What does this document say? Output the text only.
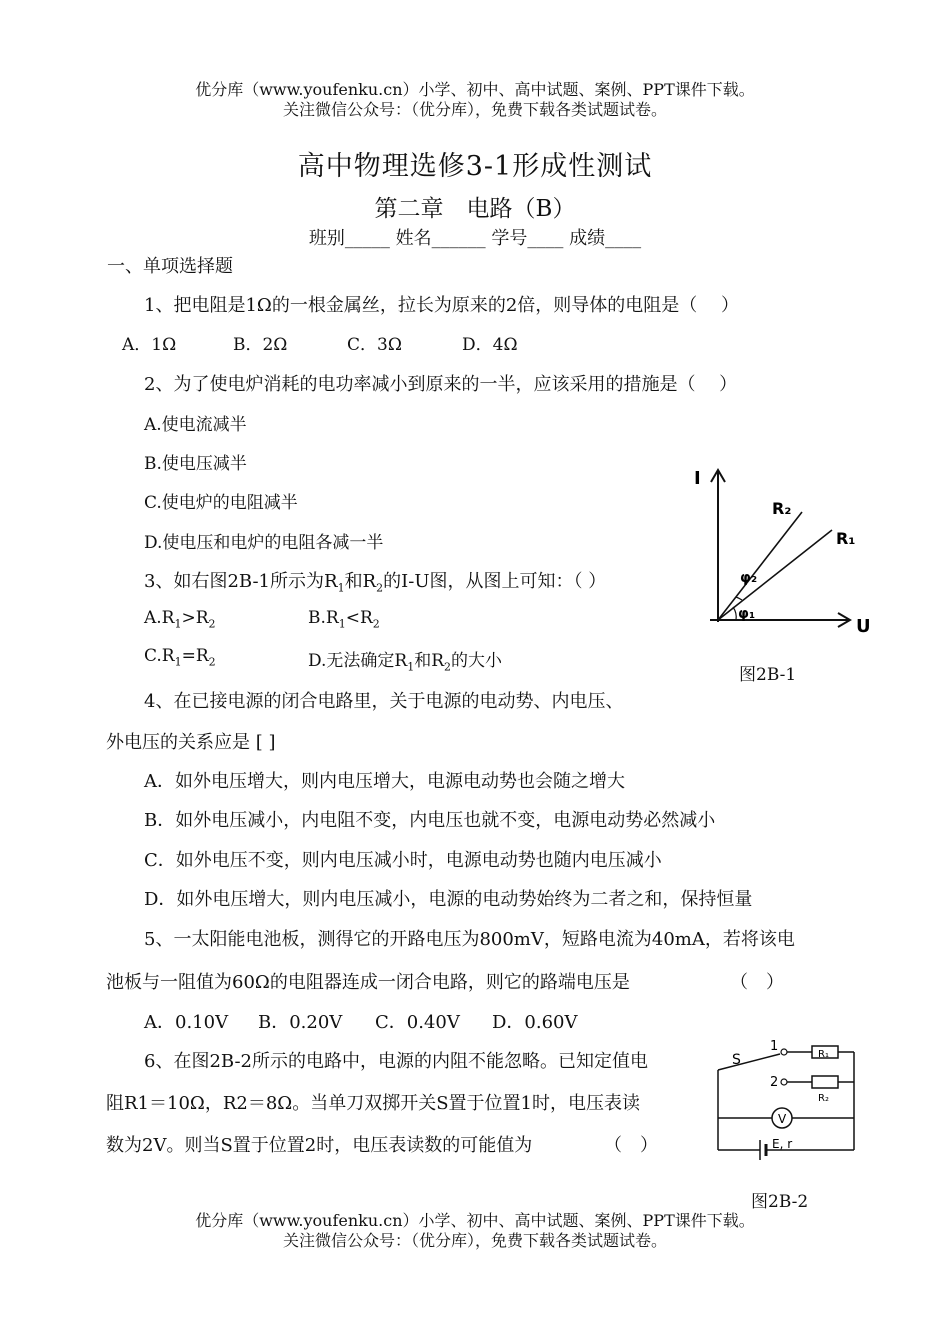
优分库（www.youfenku.cn）小学、初中、高中试题、案例、PPT课件下载。
关注微信公众号：（优分库），免费下载各类试题试卷。
高中物理选修3-1形成性测试
第二章　电路（B）
班别_____ 姓名______ 学号____ 成绩____
一、单项选择题
1、把电阻是1Ω的一根金属丝，拉长为原来的2倍，则导体的电阻是（　 ）
A．1Ω	B．2Ω	C．3Ω	D．4Ω
2、为了使电炉消耗的电功率减小到原来的一半，应该采用的措施是（　 ）
A.使电流减半
B.使电压减半
C.使电炉的电阻减半
D.使电压和电炉的电阻各减一半
3、如右图2B-1所示为$R_1$和$R_2$的I-U图，从图上可知：（ ）
$A.R_1>R_2$	$B.R_1<R_2$
$C.R_1=R_2$	D.无法确定$R_1$和$R_2$的大小
I
U
R₂
R₁
φ₂
φ₁
图2B-1
4、在已接电源的闭合电路里，关于电源的电动势、内电压、
外电压的关系应是 [ ]
A．如外电压增大，则内电压增大，电源电动势也会随之增大
B．如外电压减小，内电阻不变，内电压也就不变，电源电动势必然减小
C．如外电压不变，则内电压减小时，电源电动势也随内电压减小
D．如外电压增大，则内电压减小，电源的电动势始终为二者之和，保持恒量
5、一太阳能电池板，测得它的开路电压为800mV，短路电流为40mA，若将该电
池板与一阻值为60Ω的电阻器连成一闭合电路，则它的路端电压是	（　）
A．0.10V B．0.20V C．0.40V D．0.60V
6、在图2B-2所示的电路中，电源的内阻不能忽略。已知定值电
阻R1＝10Ω，R2＝8Ω。当单刀双掷开关S置于位置1时，电压表读
数为2V。则当S置于位置2时，电压表读数的可能值为	（　）
S
1
2
R₁
R₂
V
E, r
图2B-2
优分库（www.youfenku.cn）小学、初中、高中试题、案例、PPT课件下载。
关注微信公众号：（优分库），免费下载各类试题试卷。
